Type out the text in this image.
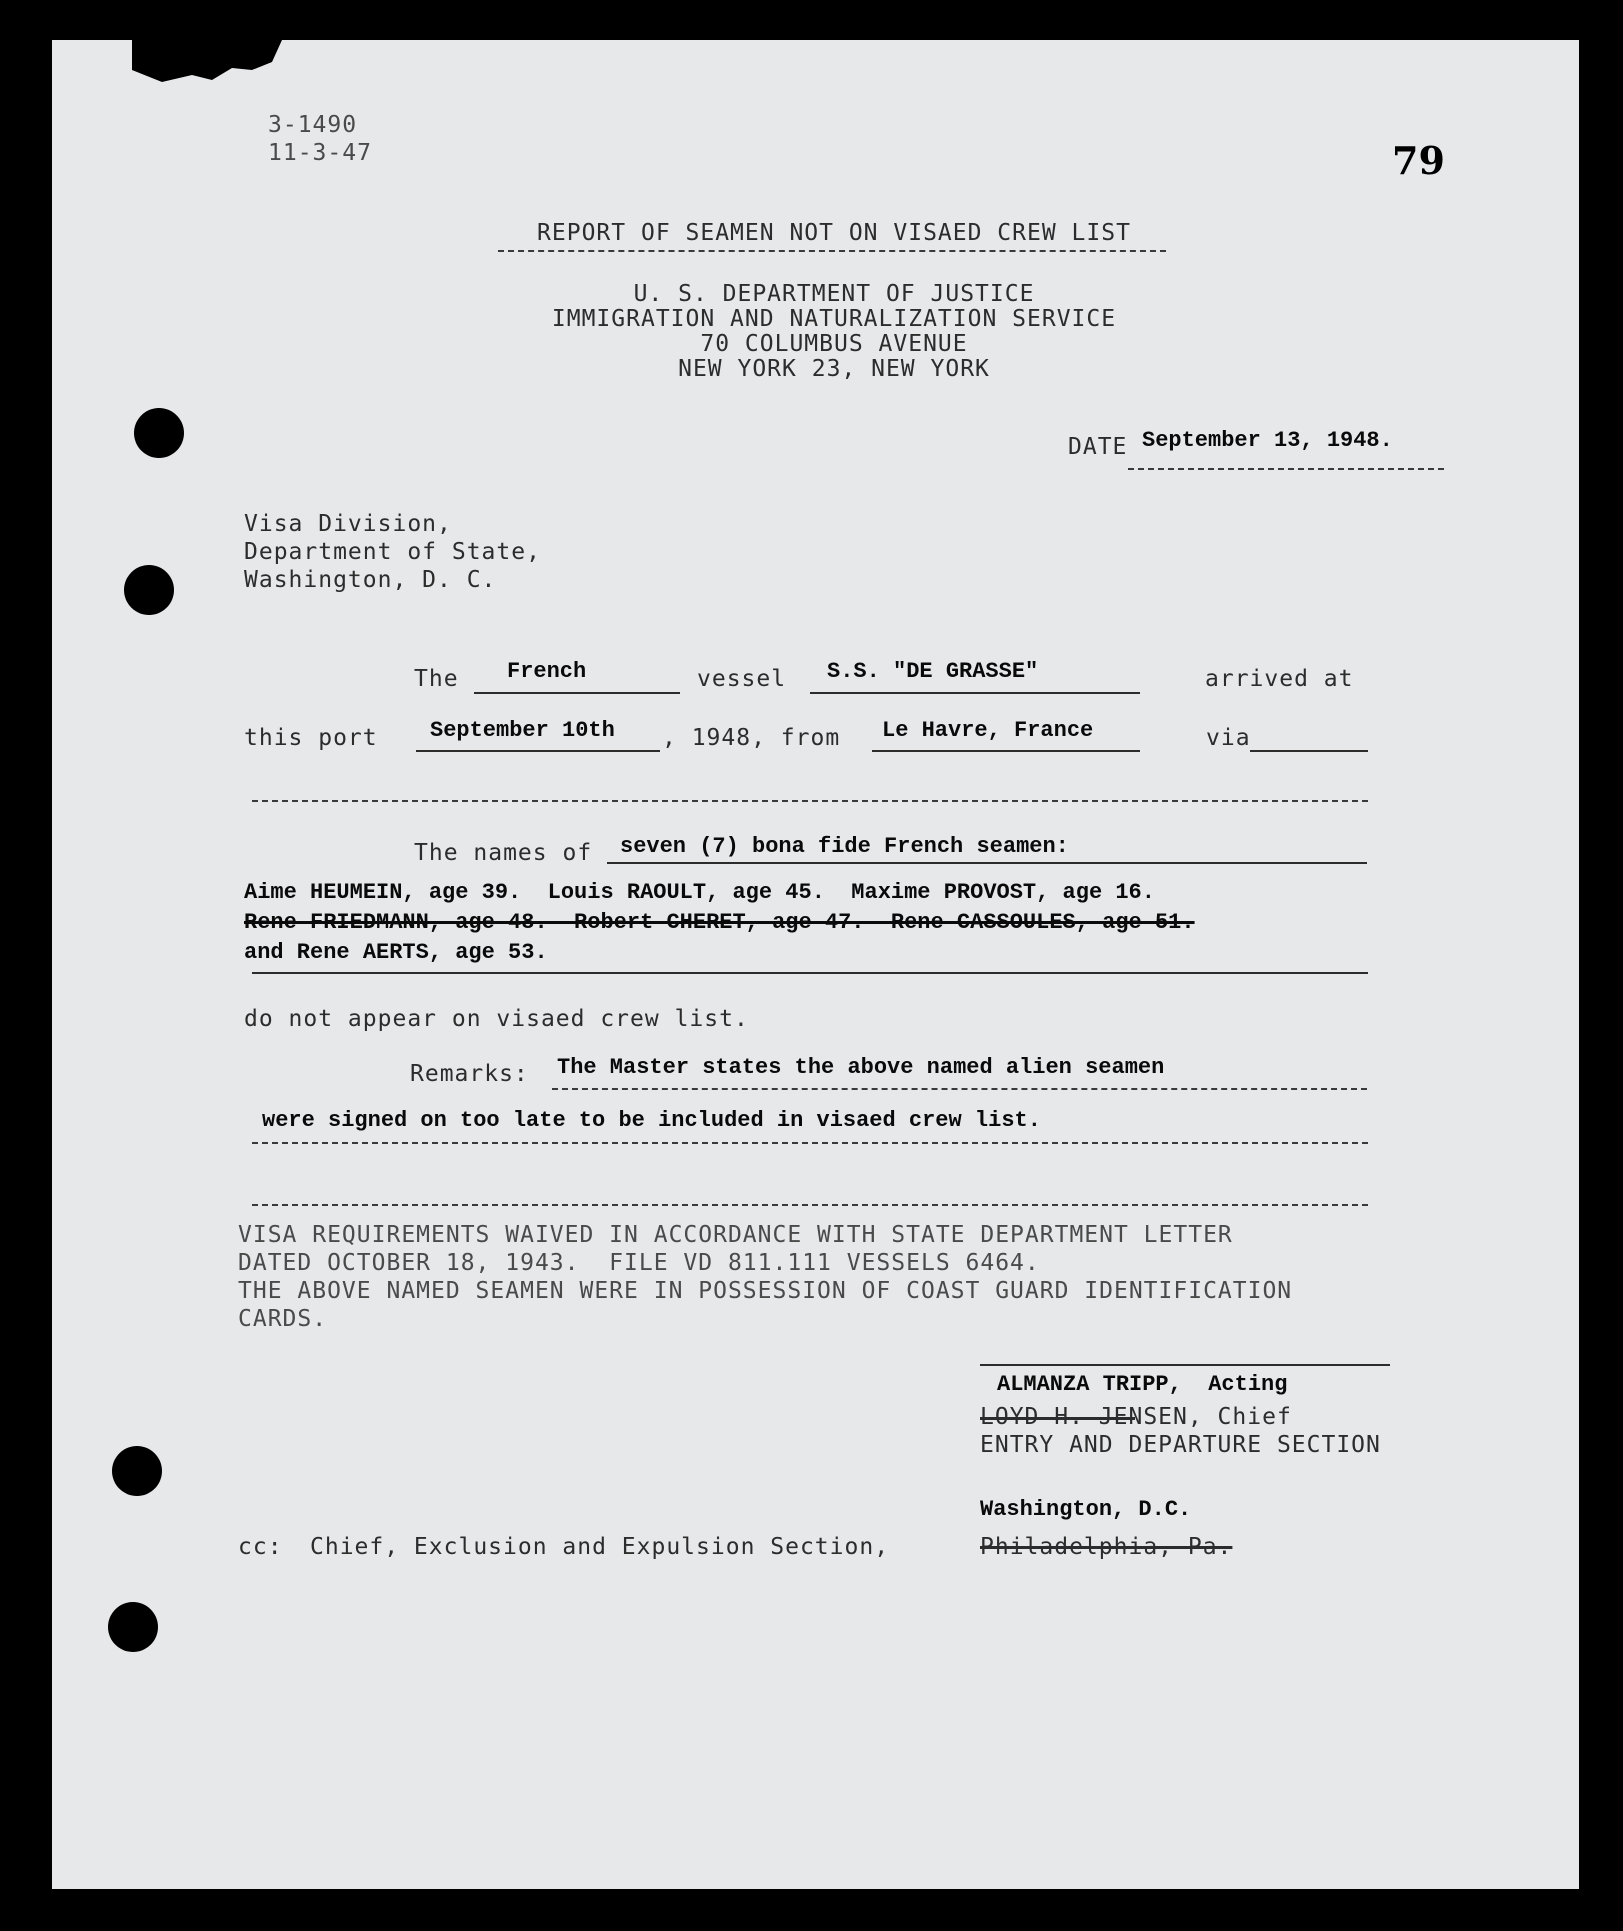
3-1490
11-3-47	79
REPORT OF SEAMEN NOT ON VISAED CREW LIST
U. S. DEPARTMENT OF JUSTICE
IMMIGRATION AND NATURALIZATION SERVICE
70 COLUMBUS AVENUE
NEW YORK 23, NEW YORK
DATE September 13, 1948.
Visa Division,
Department of State,
Washington, D. C.
The French	vessel S.S. "DE GRASSE"	arrived at
this port September 10th , 1948, from Le Havre, France	via
The names of seven (7) bona fide French seamen:
Aime HEUMEIN, age 39.  Louis RAOULT, age 45.  Maxime PROVOST, age 16.
Rene FRIEDMANN, age 48.  Robert CHERET, age 47.  Rene CASSOULES, age 51.
and Rene AERTS, age 53.
do not appear on visaed crew list.
Remarks: The Master states the above named alien seamen
were signed on too late to be included in visaed crew list.
VISA REQUIREMENTS WAIVED IN ACCORDANCE WITH STATE DEPARTMENT LETTER
DATED OCTOBER 18, 1943.  FILE VD 811.111 VESSELS 6464.
THE ABOVE NAMED SEAMEN WERE IN POSSESSION OF COAST GUARD IDENTIFICATION
CARDS.
ALMANZA TRIPP,  Acting
LOYD H. JENSEN, Chief
ENTRY AND DEPARTURE SECTION
Washington, D.C.
cc: Chief, Exclusion and Expulsion Section,	Philadelphia, Pa.
